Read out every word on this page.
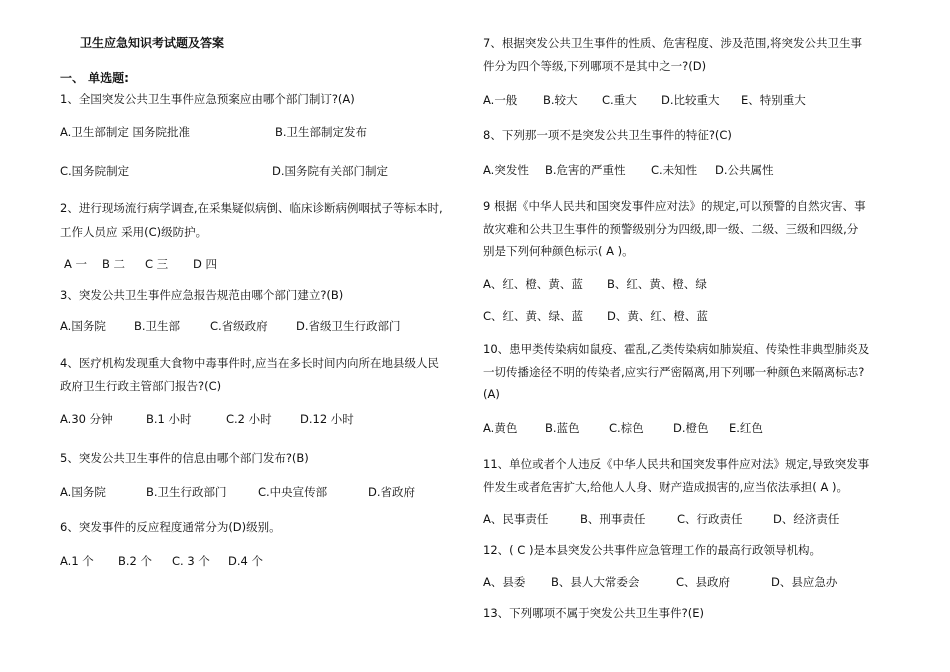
卫生应急知识考试题及答案
一、 单选题:
1、全国突发公共卫生事件应急预案应由哪个部门制订?(A)
A.卫生部制定 国务院批准	B.卫生部制定发布
C.国务院制定	D.国务院有关部门制定
2、进行现场流行病学调查,在采集疑似病倒、临床诊断病例咽拭子等标本时,
工作人员应 采用(C)级防护。
A 一	B 二	C 三	D 四
3、突发公共卫生事件应急报告规范由哪个部门建立?(B)
A.国务院	B.卫生部	C.省级政府	D.省级卫生行政部门
4、医疗机构发现重大食物中毒事件时,应当在多长时间内向所在地县级人民
政府卫生行政主管部门报告?(C)
A.30 分钟	B.1 小时	C.2 小时	D.12 小时
5、突发公共卫生事件的信息由哪个部门发布?(B)
A.国务院	B.卫生行政部门	C.中央宣传部	D.省政府
6、突发事件的反应程度通常分为(D)级别。
A.1 个	B.2 个	C. 3 个	D.4 个
7、根据突发公共卫生事件的性质、危害程度、涉及范围,将突发公共卫生事
件分为四个等级,下列哪项不是其中之一?(D)
A.一般	B.较大	C.重大	D.比较重大	E、特别重大
8、下列那一项不是突发公共卫生事件的特征?(C)
A.突发性	B.危害的严重性	C.未知性	D.公共属性
9 根据《中华人民共和国突发事件应对法》的规定,可以预警的自然灾害、事
故灾难和公共卫生事件的预警级别分为四级,即一级、二级、三级和四级,分
别是下列何种颜色标示( A )。
A、红、橙、黄、蓝	B、红、黄、橙、绿
C、红、黄、绿、蓝	D、黄、红、橙、蓝
10、患甲类传染病如鼠疫、霍乱,乙类传染病如肺炭疽、传染性非典型肺炎及
一切传播途径不明的传染者,应实行严密隔离,用下列哪一种颜色来隔离标志?
(A)
A.黄色	B.蓝色	C.棕色	D.橙色	E.红色
11、单位或者个人违反《中华人民共和国突发事件应对法》规定,导致突发事
件发生或者危害扩大,给他人人身、财产造成损害的,应当依法承担( A )。
A、民事责任	B、刑事责任	C、行政责任	D、经济责任
12、( C )是本县突发公共事件应急管理工作的最高行政领导机构。
A、县委	B、县人大常委会	C、县政府	D、县应急办
13、下列哪项不属于突发公共卫生事件?(E)
